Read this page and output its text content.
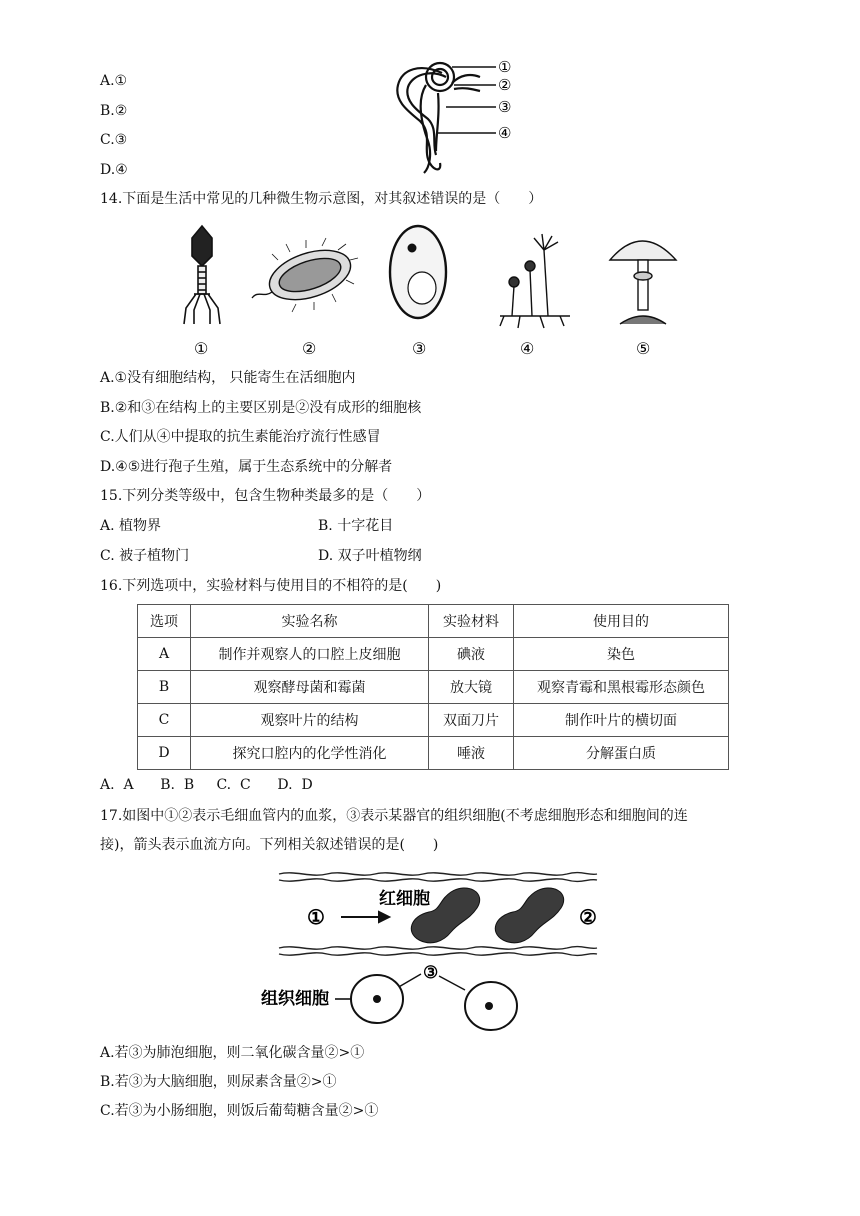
A.①
B.②
C.③
D.④
①
②
③
④
14.下面是生活中常见的几种微生物示意图，对其叙述错误的是（　　）
①	②	③	④	⑤
A.①没有细胞结构， 只能寄生在活细胞内
B.②和③在结构上的主要区别是②没有成形的细胞核
C.人们从④中提取的抗生素能治疗流行性感冒
D.④⑤进行孢子生殖，属于生态系统中的分解者
15.下列分类等级中，包含生物种类最多的是（　　）
A. 植物界	B. 十字花目
C. 被子植物门	D. 双子叶植物纲
16.下列选项中，实验材料与使用目的不相符的是(　　)
选项	实验名称	实验材料	使用目的
A	制作并观察人的口腔上皮细胞	碘液	染色
B	观察酵母菌和霉菌	放大镜	观察青霉和黑根霉形态颜色
C	观察叶片的结构	双面刀片	制作叶片的横切面
D	探究口腔内的化学性消化	唾液	分解蛋白质
A.  A      B.  B     C.  C      D.  D
17.如图中①②表示毛细血管内的血浆，③表示某器官的组织细胞(不考虑细胞形态和细胞间的连
接)，箭头表示血流方向。下列相关叙述错误的是(　　)
①
红细胞
②
③
组织细胞
A.若③为肺泡细胞，则二氧化碳含量②>①
B.若③为大脑细胞，则尿素含量②>①
C.若③为小肠细胞，则饭后葡萄糖含量②>①
